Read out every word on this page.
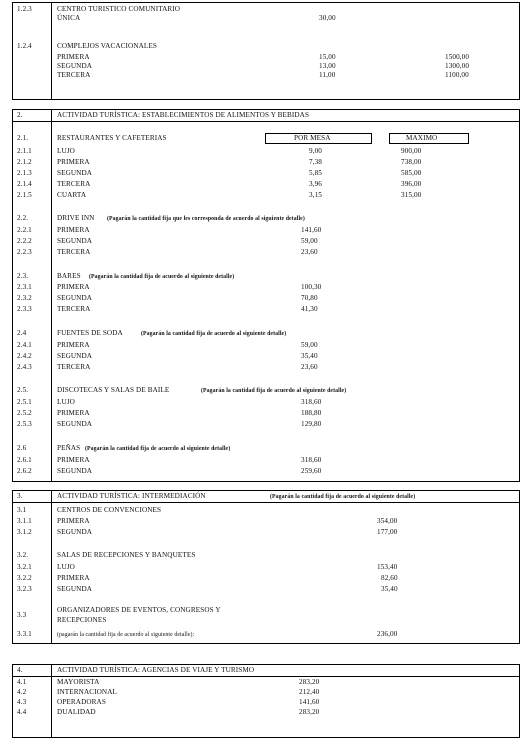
1.2.3	CENTRO TURISTICO COMUNITARIO
ÚNICA	30,00
1.2.4	COMPLEJOS VACACIONALES
PRIMERA	15,00	1500,00
SEGUNDA	13,00	1300,00
TERCERA	11,00	1100,00
2.	ACTIVIDAD TURÍSTICA: ESTABLECIMIENTOS DE ALIMENTOS Y BEBIDAS
2.1.	RESTAURANTES Y CAFETERIAS	POR MESA	MAXIMO
2.1.1	LUJO	9,00	900,00
2.1.2	PRIMERA	7,38	738,00
2.1.3	SEGUNDA	5,85	585,00
2.1.4	TERCERA	3,96	396,00
2.1.5	CUARTA	3,15	315,00
2.2.	DRIVE INN (Pagarán la cantidad fija que les corresponda de acuerdo al siguiente detalle)
2.2.1	PRIMERA	141,60
2.2.2	SEGUNDA	59,00
2.2.3	TERCERA	23,60
2.3.	BARES (Pagarán la cantidad fija de acuerdo al siguiente detalle)
2.3.1	PRIMERA	100,30
2.3.2	SEGUNDA	70,80
2.3.3	TERCERA	41,30
2.4	FUENTES DE SODA	(Pagarán la cantidad fija de acuerdo al siguiente detalle)
2.4.1	PRIMERA	59,00
2.4.2	SEGUNDA	35,40
2.4.3	TERCERA	23,60
2.5.	DISCOTECAS Y SALAS DE BAILE	(Pagarán la cantidad fija de acuerdo al siguiente detalle)
2.5.1	LUJO	318,60
2.5.2	PRIMERA	188,80
2.5.3	SEGUNDA	129,80
2.6	PEÑAS (Pagarán la cantidad fija de acuerdo al siguiente detalle)
2.6.1	PRIMERA	318,60
2.6.2	SEGUNDA	259,60
3.	ACTIVIDAD TURÍSTICA: INTERMEDIACIÓN	(Pagarán la cantidad fija de acuerdo al siguiente detalle)
3.1	CENTROS DE CONVENCIONES
3.1.1	PRIMERA	354,00
3.1.2	SEGUNDA	177,00
3.2.	SALAS DE RECEPCIONES Y BANQUETES
3.2.1	LUJO	153,40
3.2.2	PRIMERA	82,60
3.2.3	SEGUNDA	35,40
3.3
ORGANIZADORES DE EVENTOS, CONGRESOS Y
RECEPCIONES
3.3.1	(pagarán la cantidad fija de acuerdo al siguiente detalle):	236,00
4.	ACTIVIDAD TURÍSTICA: AGENCIAS DE VIAJE Y TURISMO
4.1	MAYORISTA	283,20
4.2	INTERNACIONAL	212,40
4.3	OPERADORAS	141,60
4.4	DUALIDAD	283,20
